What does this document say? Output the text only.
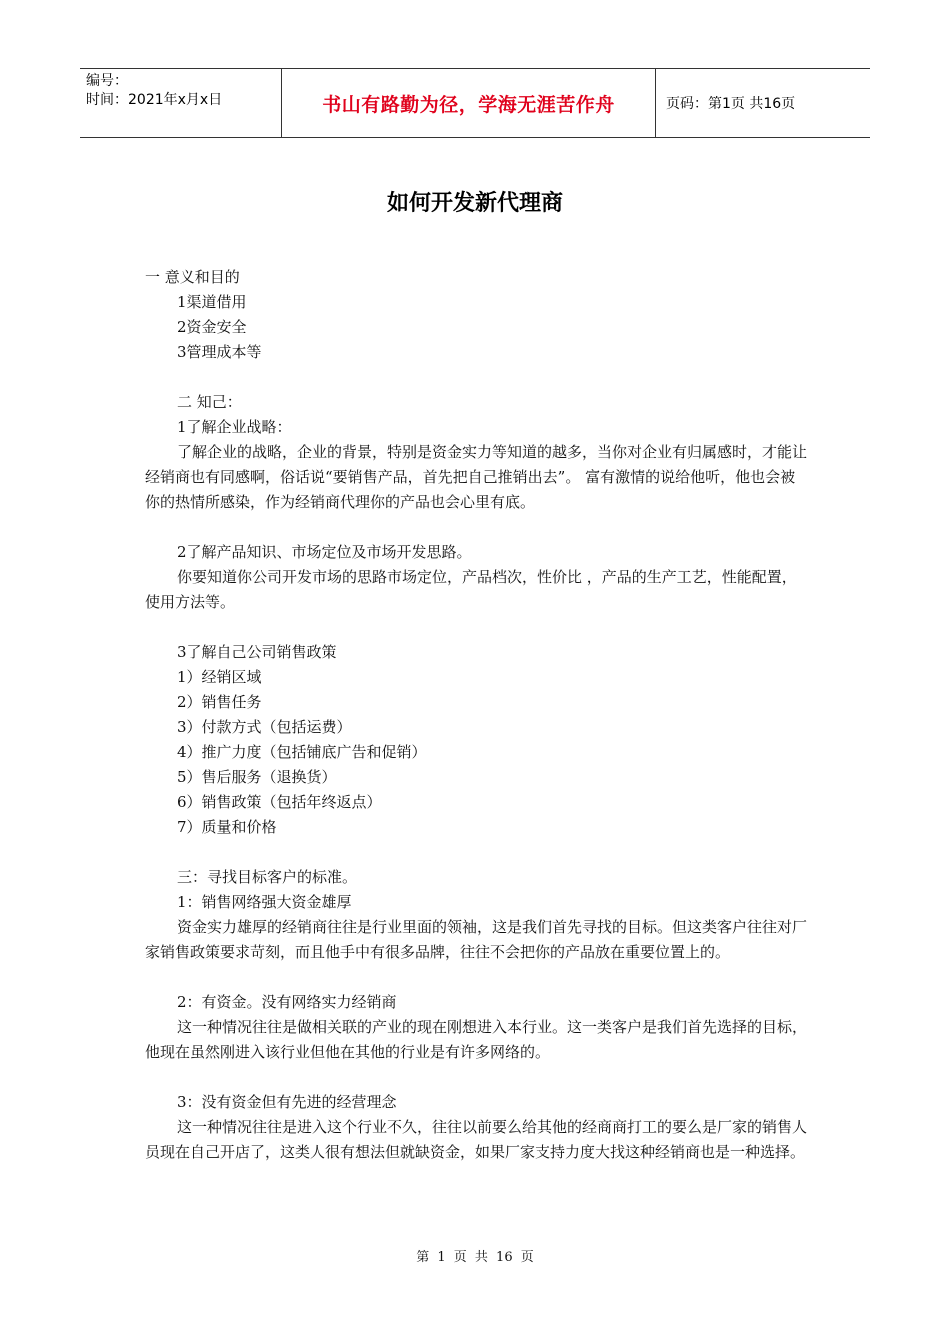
编号：
时间：2021年x月x日	书山有路勤为径，学海无涯苦作舟	页码：第1页 共16页
如何开发新代理商

一 意义和目的

1渠道借用

2资金安全

3管理成本等

二 知己：

1了解企业战略：

了解企业的战略，企业的背景，特别是资金实力等知道的越多，当你对企业有归属感时，才能让经销商也有同感啊，俗话说“要销售产品，首先把自己推销出去”。 富有激情的说给他听，他也会被你的热情所感染，作为经销商代理你的产品也会心里有底。

2了解产品知识、市场定位及市场开发思路。

你要知道你公司开发市场的思路市场定位，产品档次，性价比 ，产品的生产工艺，性能配置，使用方法等。

3了解自己公司销售政策

1）经销区域

2）销售任务

3）付款方式（包括运费）

4）推广力度（包括铺底广告和促销）

5）售后服务（退换货）

6）销售政策（包括年终返点）

7）质量和价格

三：寻找目标客户的标准。

1：销售网络强大资金雄厚

资金实力雄厚的经销商往往是行业里面的领袖，这是我们首先寻找的目标。但这类客户往往对厂家销售政策要求苛刻，而且他手中有很多品牌，往往不会把你的产品放在重要位置上的。

2：有资金。没有网络实力经销商

这一种情况往往是做相关联的产业的现在刚想进入本行业。这一类客户是我们首先选择的目标，他现在虽然刚进入该行业但他在其他的行业是有许多网络的。

3：没有资金但有先进的经营理念

这一种情况往往是进入这个行业不久，往往以前要么给其他的经商商打工的要么是厂家的销售人员现在自己开店了，这类人很有想法但就缺资金，如果厂家支持力度大找这种经销商也是一种选择。

第 1 页 共 16 页
